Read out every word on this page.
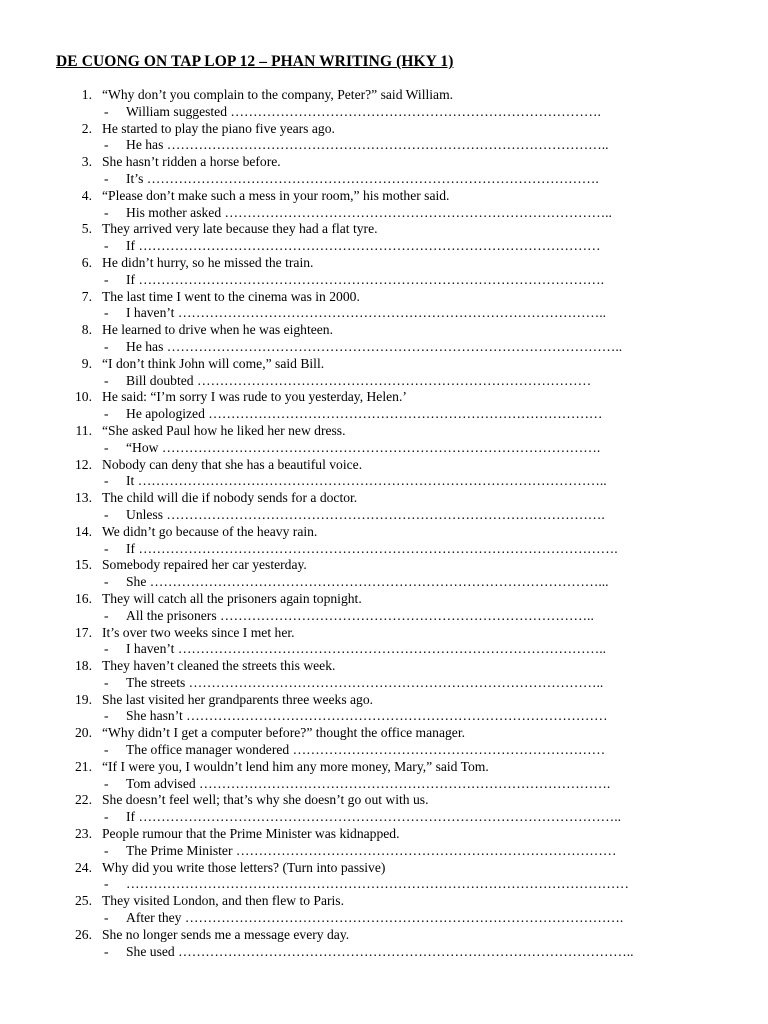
DE CUONG ON TAP LOP 12 – PHAN WRITING (HKY 1)
1. “Why don’t you complain to the company, Peter?” said William.
- William suggested ……………………………………………………………………….
2. He started to play the piano five years ago.
- He has ……………………………………………………………………………………..
3. She hasn’t ridden a horse before.
- It’s ……………………………………………………………………………………….
4. “Please don’t make such a mess in your room,” his mother said.
- His mother asked …………………………………………………………………………..
5. They arrived very late because they had a flat tyre.
- If …………………………………………………………………………………………
6. He didn’t hurry, so he missed the train.
- If ………………………………………………………………………………………….
7. The last time I went to the cinema was in 2000.
- I haven’t …………………………………………………………………………………..
8. He learned to drive when he was eighteen.
- He has ………………………………………………………………………………………..
9. “I don’t think John will come,” said Bill.
- Bill doubted ……………………………………………………………………………
10. He said: “I’m sorry I was rude to you yesterday, Helen.’
- He apologized ……………………………………………………………………………
11. “She asked Paul how he liked her new dress.
- “How …………………………………………………………………………………….
12. Nobody can deny that she has a beautiful voice.
- It …………………………………………………………………………………………..
13. The child will die if nobody sends for a doctor.
- Unless …………………………………………………………………………………….
14. We didn’t go because of the heavy rain.
- If …………………………………………………………………………………………….
15. Somebody repaired her car yesterday.
- She ………………………………………………………………………………………...
16. They will catch all the prisoners again topnight.
- All the prisoners ………………………………………………………………………..
17. It’s over two weeks since I met her.
- I haven’t …………………………………………………………………………………..
18. They haven’t cleaned the streets this week.
- The streets ………………………………………………………………………………..
19. She last visited her grandparents three weeks ago.
- She hasn’t …………………………………………………………………………………
20. “Why didn’t I get a computer before?” thought the office manager.
- The office manager wondered ……………………………………………………………
21. “If I were you, I wouldn’t lend him any more money, Mary,” said Tom.
- Tom advised ……………………………………………………………………………….
22. She doesn’t feel well; that’s why she doesn’t go out with us.
- If ……………………………………………………………………………………………..
23. People rumour that the Prime Minister was kidnapped.
- The Prime Minister …………………………………………………………………………
24. Why did you write those letters? (Turn into passive)
- …………………………………………………………………………………………………
25. They visited London, and then flew to Paris.
- After they …………………………………………………………………………………….
26. She no longer sends me a message every day.
- She used ………………………………………………………………………………………..
